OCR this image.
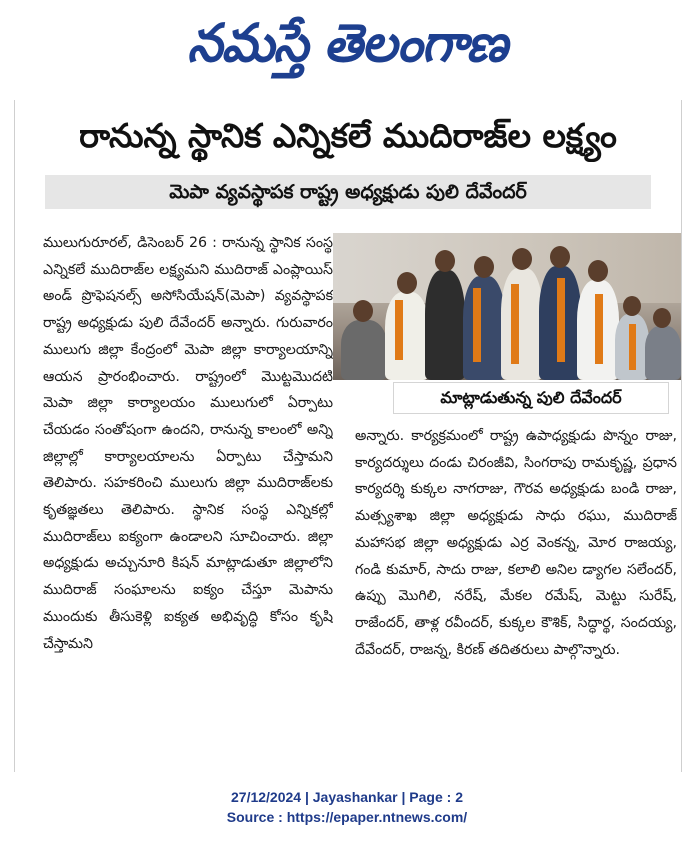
నమస్తే తెలంగాణ
రానున్న స్థానిక ఎన్నికలే ముదిరాజ్‌ల లక్ష్యం
మెపా వ్యవస్థాపక రాష్ట్ర అధ్యక్షుడు పులి దేవేందర్

ములుగురూరల్, డిసెంబర్ 26 : రానున్న స్థానిక సంస్థ ఎన్నికలే ముదిరాజ్‌ల లక్ష్యమని ముదిరాజ్ ఎంప్లాయిస్ అండ్ ప్రొఫెషనల్స్ అసోసియేషన్(మెపా) వ్యవస్థాపక రాష్ట్ర అధ్యక్షుడు పులి దేవేందర్ అన్నారు. గురువారం ములుగు జిల్లా కేంద్రంలో మెపా జిల్లా కార్యాలయాన్ని ఆయన ప్రారంభించారు. రాష్ట్రంలో మొట్టమొదటి మెపా జిల్లా కార్యాలయం ములుగులో ఏర్పాటు చేయడం సంతోషంగా ఉందని, రానున్న కాలంలో అన్ని జిల్లాల్లో కార్యాలయాలను ఏర్పాటు చేస్తామని తెలిపారు. సహకరించి ములుగు జిల్లా ముదిరాజ్‌లకు కృతజ్ఞతలు తెలిపారు. స్థానిక సంస్థ ఎన్నికల్లో ముదిరాజ్‌లు ఐక్యంగా ఉండాలని సూచించారు. జిల్లా అధ్యక్షుడు అచ్చునూరి కిషన్ మాట్లాడుతూ జిల్లాలోని ముదిరాజ్ సంఘాలను ఐక్యం చేస్తూ మెపాను ముందుకు తీసుకెళ్లి ఐక్యత అభివృద్ధి కోసం కృషి చేస్తామని

మాట్లాడుతున్న పులి దేవేందర్

అన్నారు. కార్యక్రమంలో రాష్ట్ర ఉపాధ్యక్షుడు పొన్నం రాజు, కార్యదర్శులు దండు చిరంజీవి, సింగరాపు రామకృష్ణ, ప్రధాన కార్యదర్శి కుక్కల నాగరాజు, గౌరవ అధ్యక్షుడు బండి రాజు, మత్స్యశాఖ జిల్లా అధ్యక్షుడు సాధు రఘు, ముదిరాజ్ మహాసభ జిల్లా అధ్యక్షుడు ఎర్ర వెంకన్న, మోర రాజయ్య, గండి కుమార్, సాదు రాజు, కలాలి అనిల డ్యాగల సలేందర్, ఉప్పు మొగిలి, నరేష్, మేకల రమేష్, మెట్టు సురేష్, రాజేందర్, తాళ్ల రవీందర్, కుక్కల కౌశిక్, సిద్ధార్థ, సందయ్య, దేవేందర్, రాజన్న, కిరణ్ తదితరులు పాల్గొన్నారు.

27/12/2024 | Jayashankar | Page : 2
Source : https://epaper.ntnews.com/
